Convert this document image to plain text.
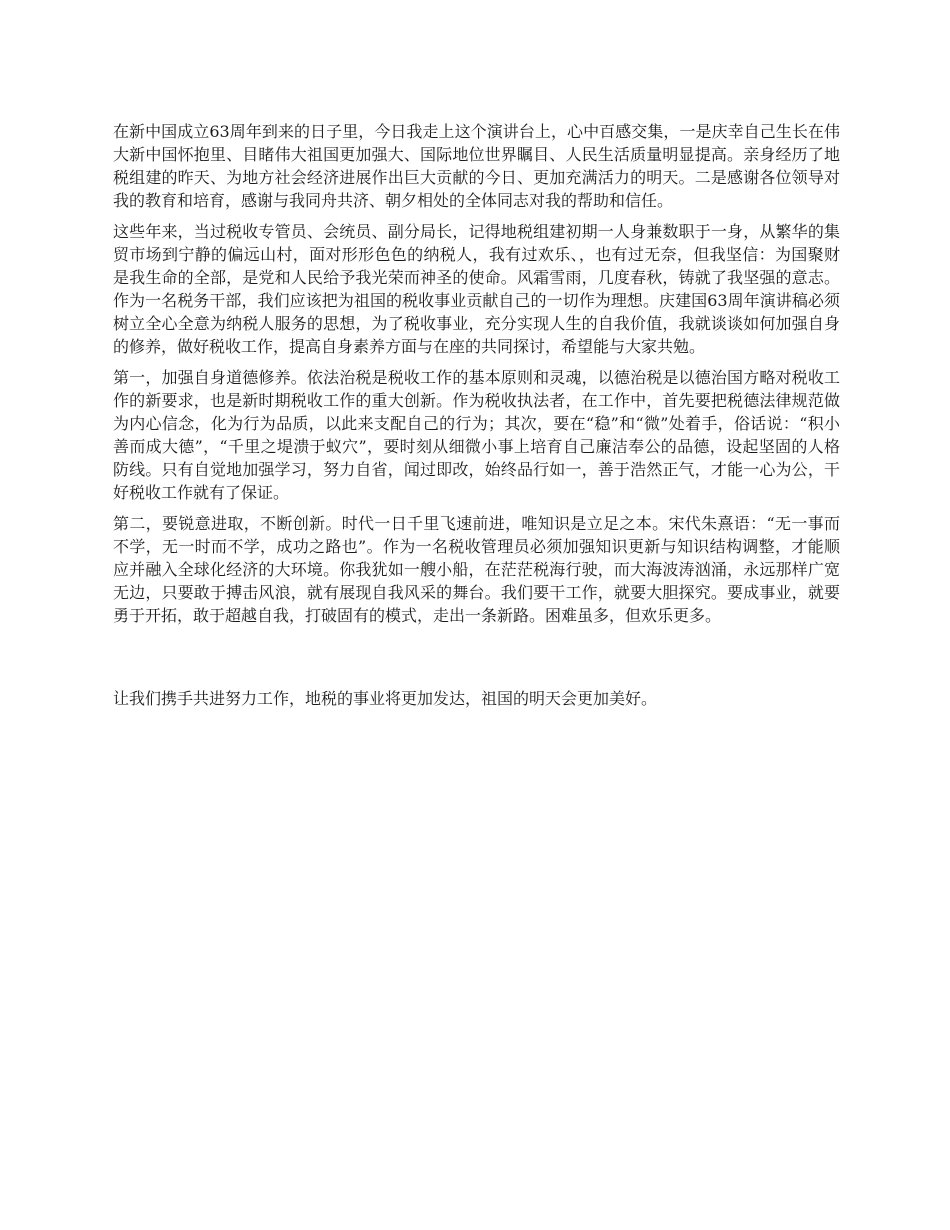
在新中国成立63周年到来的日子里，今日我走上这个演讲台上，心中百感交集，一是庆幸自己生长在伟大新中国怀抱里、目睹伟大祖国更加强大、国际地位世界瞩目、人民生活质量明显提高。亲身经历了地税组建的昨天、为地方社会经济进展作出巨大贡献的今日、更加充满活力的明天。二是感谢各位领导对我的教育和培育，感谢与我同舟共济、朝夕相处的全体同志对我的帮助和信任。

这些年来，当过税收专管员、会统员、副分局长，记得地税组建初期一人身兼数职于一身，从繁华的集贸市场到宁静的偏远山村，面对形形色色的纳税人，我有过欢乐、，也有过无奈，但我坚信：为国聚财是我生命的全部，是党和人民给予我光荣而神圣的使命。风霜雪雨，几度春秋，铸就了我坚强的意志。作为一名税务干部，我们应该把为祖国的税收事业贡献自己的一切作为理想。庆建国63周年演讲稿必须树立全心全意为纳税人服务的思想，为了税收事业，充分实现人生的自我价值，我就谈谈如何加强自身的修养，做好税收工作，提高自身素养方面与在座的共同探讨，希望能与大家共勉。

第一，加强自身道德修养。依法治税是税收工作的基本原则和灵魂，以德治税是以德治国方略对税收工作的新要求，也是新时期税收工作的重大创新。作为税收执法者，在工作中，首先要把税德法律规范做为内心信念，化为行为品质，以此来支配自己的行为；其次，要在“稳”和“微”处着手，俗话说：“积小善而成大德”，“千里之堤溃于蚁穴”，要时刻从细微小事上培育自己廉洁奉公的品德，设起坚固的人格防线。只有自觉地加强学习，努力自省，闻过即改，始终品行如一，善于浩然正气，才能一心为公，干好税收工作就有了保证。

第二，要锐意进取，不断创新。时代一日千里飞速前进，唯知识是立足之本。宋代朱熹语：“无一事而不学，无一时而不学，成功之路也”。作为一名税收管理员必须加强知识更新与知识结构调整，才能顺应并融入全球化经济的大环境。你我犹如一艘小船，在茫茫税海行驶，而大海波涛汹涌，永远那样广宽无边，只要敢于搏击风浪，就有展现自我风采的舞台。我们要干工作，就要大胆探究。要成事业，就要勇于开拓，敢于超越自我，打破固有的模式，走出一条新路。困难虽多，但欢乐更多。

让我们携手共进努力工作，地税的事业将更加发达，祖国的明天会更加美好。
